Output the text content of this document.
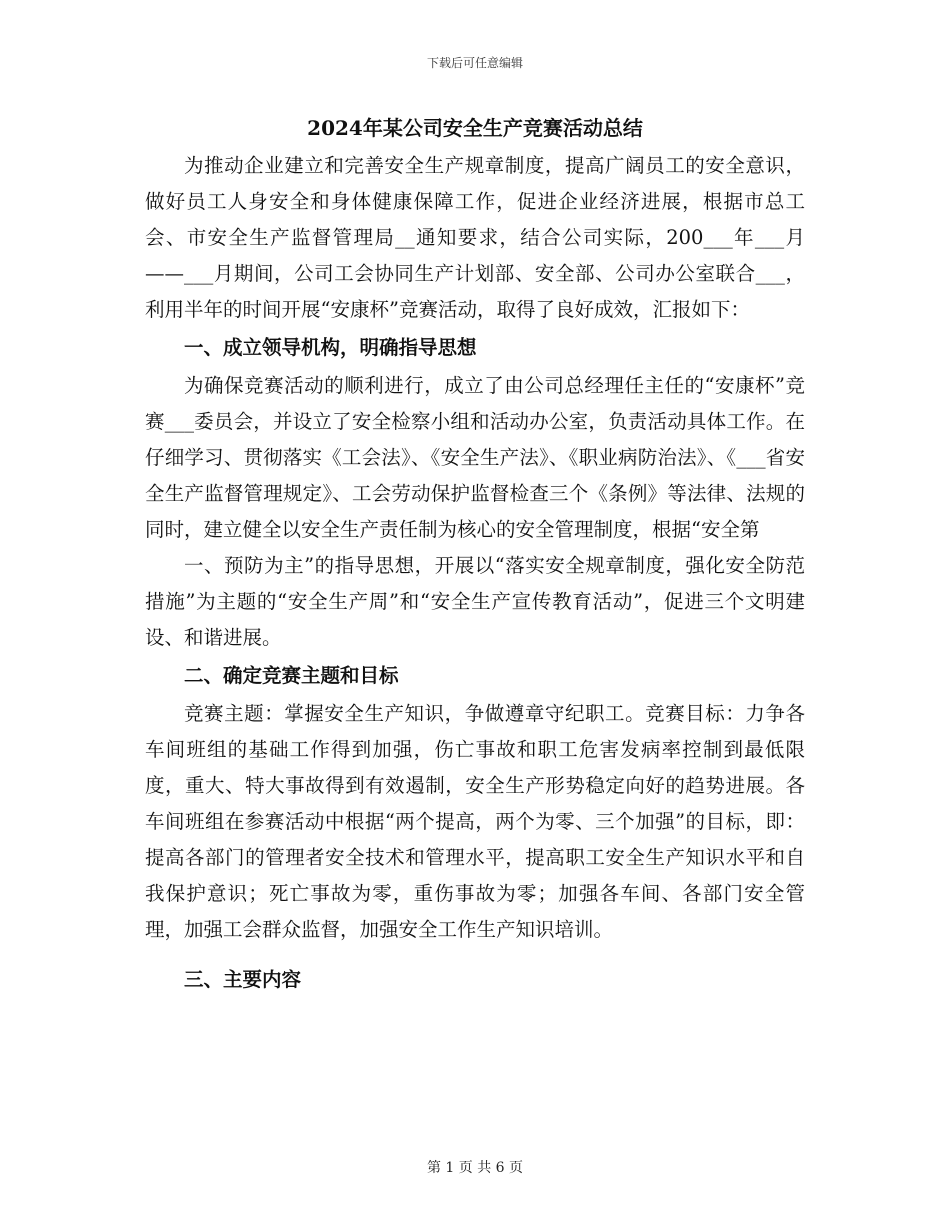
下载后可任意编辑
2024年某公司安全生产竞赛活动总结

为推动企业建立和完善安全生产规章制度，提高广阔员工的安全意识，做好员工人身安全和身体健康保障工作，促进企业经济进展，根据市总工会、市安全生产监督管理局__通知要求，结合公司实际，200___年___月——___月期间，公司工会协同生产计划部、安全部、公司办公室联合___，利用半年的时间开展“安康杯”竞赛活动，取得了良好成效，汇报如下：

一、成立领导机构，明确指导思想

为确保竞赛活动的顺利进行，成立了由公司总经理任主任的“安康杯”竞赛___委员会，并设立了安全检察小组和活动办公室，负责活动具体工作。在仔细学习、贯彻落实《工会法》、《安全生产法》、《职业病防治法》、《___省安全生产监督管理规定》、工会劳动保护监督检查三个《条例》等法律、法规的同时，建立健全以安全生产责任制为核心的安全管理制度，根据“安全第

一、预防为主”的指导思想，开展以“落实安全规章制度，强化安全防范措施”为主题的“安全生产周”和“安全生产宣传教育活动”，促进三个文明建设、和谐进展。

二、确定竞赛主题和目标

竞赛主题：掌握安全生产知识，争做遵章守纪职工。竞赛目标：力争各车间班组的基础工作得到加强，伤亡事故和职工危害发病率控制到最低限度，重大、特大事故得到有效遏制，安全生产形势稳定向好的趋势进展。各车间班组在参赛活动中根据“两个提高，两个为零、三个加强”的目标，即：提高各部门的管理者安全技术和管理水平，提高职工安全生产知识水平和自我保护意识；死亡事故为零，重伤事故为零；加强各车间、各部门安全管理，加强工会群众监督，加强安全工作生产知识培训。

三、主要内容
第 1 页 共 6 页
